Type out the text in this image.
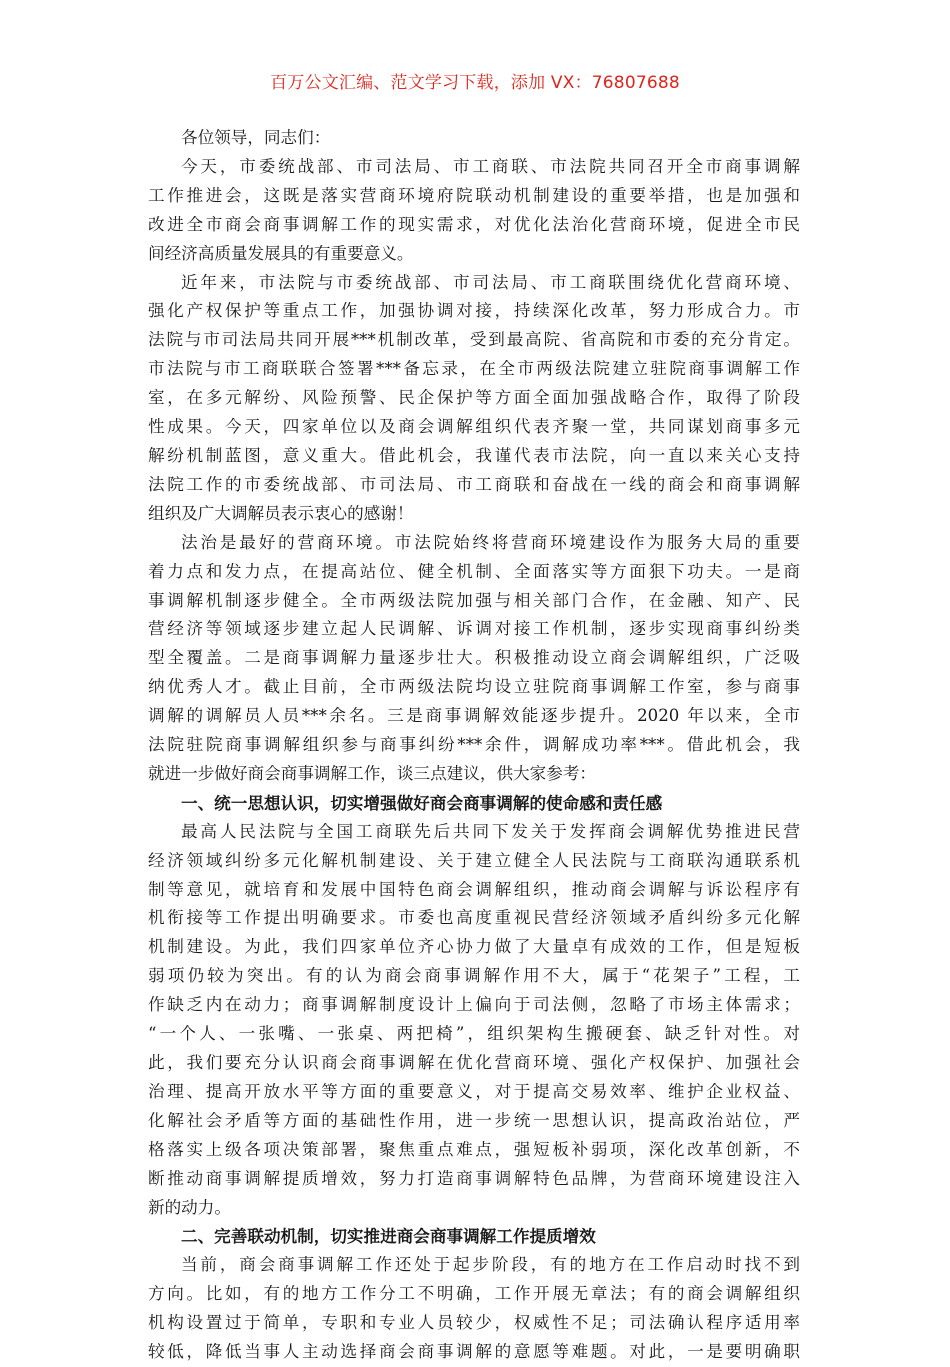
百万公文汇编、范文学习下载，添加 VX：76807688
各位领导，同志们：
今天，市委统战部、市司法局、市工商联、市法院共同召开全市商事调解
工作推进会，这既是落实营商环境府院联动机制建设的重要举措，也是加强和
改进全市商会商事调解工作的现实需求，对优化法治化营商环境，促进全市民
间经济高质量发展具的有重要意义。
近年来，市法院与市委统战部、市司法局、市工商联围绕优化营商环境、
强化产权保护等重点工作，加强协调对接，持续深化改革，努力形成合力。市
法院与市司法局共同开展***机制改革，受到最高院、省高院和市委的充分肯定。
市法院与市工商联联合签署***备忘录，在全市两级法院建立驻院商事调解工作
室，在多元解纷、风险预警、民企保护等方面全面加强战略合作，取得了阶段
性成果。今天，四家单位以及商会调解组织代表齐聚一堂，共同谋划商事多元
解纷机制蓝图，意义重大。借此机会，我谨代表市法院，向一直以来关心支持
法院工作的市委统战部、市司法局、市工商联和奋战在一线的商会和商事调解
组织及广大调解员表示衷心的感谢！
法治是最好的营商环境。市法院始终将营商环境建设作为服务大局的重要
着力点和发力点，在提高站位、健全机制、全面落实等方面狠下功夫。一是商
事调解机制逐步健全。全市两级法院加强与相关部门合作，在金融、知产、民
营经济等领域逐步建立起人民调解、诉调对接工作机制，逐步实现商事纠纷类
型全覆盖。二是商事调解力量逐步壮大。积极推动设立商会调解组织，广泛吸
纳优秀人才。截止目前，全市两级法院均设立驻院商事调解工作室，参与商事
调解的调解员人员***余名。三是商事调解效能逐步提升。2020 年以来，全市
法院驻院商事调解组织参与商事纠纷***余件，调解成功率***。借此机会，我
就进一步做好商会商事调解工作，谈三点建议，供大家参考：
一、统一思想认识，切实增强做好商会商事调解的使命感和责任感
最高人民法院与全国工商联先后共同下发关于发挥商会调解优势推进民营
经济领域纠纷多元化解机制建设、关于建立健全人民法院与工商联沟通联系机
制等意见，就培育和发展中国特色商会调解组织，推动商会调解与诉讼程序有
机衔接等工作提出明确要求。市委也高度重视民营经济领域矛盾纠纷多元化解
机制建设。为此，我们四家单位齐心协力做了大量卓有成效的工作，但是短板
弱项仍较为突出。有的认为商会商事调解作用不大，属于“花架子”工程，工
作缺乏内在动力；商事调解制度设计上偏向于司法侧，忽略了市场主体需求；
“一个人、一张嘴、一张桌、两把椅”，组织架构生搬硬套、缺乏针对性。对
此，我们要充分认识商会商事调解在优化营商环境、强化产权保护、加强社会
治理、提高开放水平等方面的重要意义，对于提高交易效率、维护企业权益、
化解社会矛盾等方面的基础性作用，进一步统一思想认识，提高政治站位，严
格落实上级各项决策部署，聚焦重点难点，强短板补弱项，深化改革创新，不
断推动商事调解提质增效，努力打造商事调解特色品牌，为营商环境建设注入
新的动力。
二、完善联动机制，切实推进商会商事调解工作提质增效
当前，商会商事调解工作还处于起步阶段，有的地方在工作启动时找不到
方向。比如，有的地方工作分工不明确，工作开展无章法；有的商会调解组织
机构设置过于简单，专职和专业人员较少，权威性不足；司法确认程序适用率
较低，降低当事人主动选择商会商事调解的意愿等难题。对此，一是要明确职
